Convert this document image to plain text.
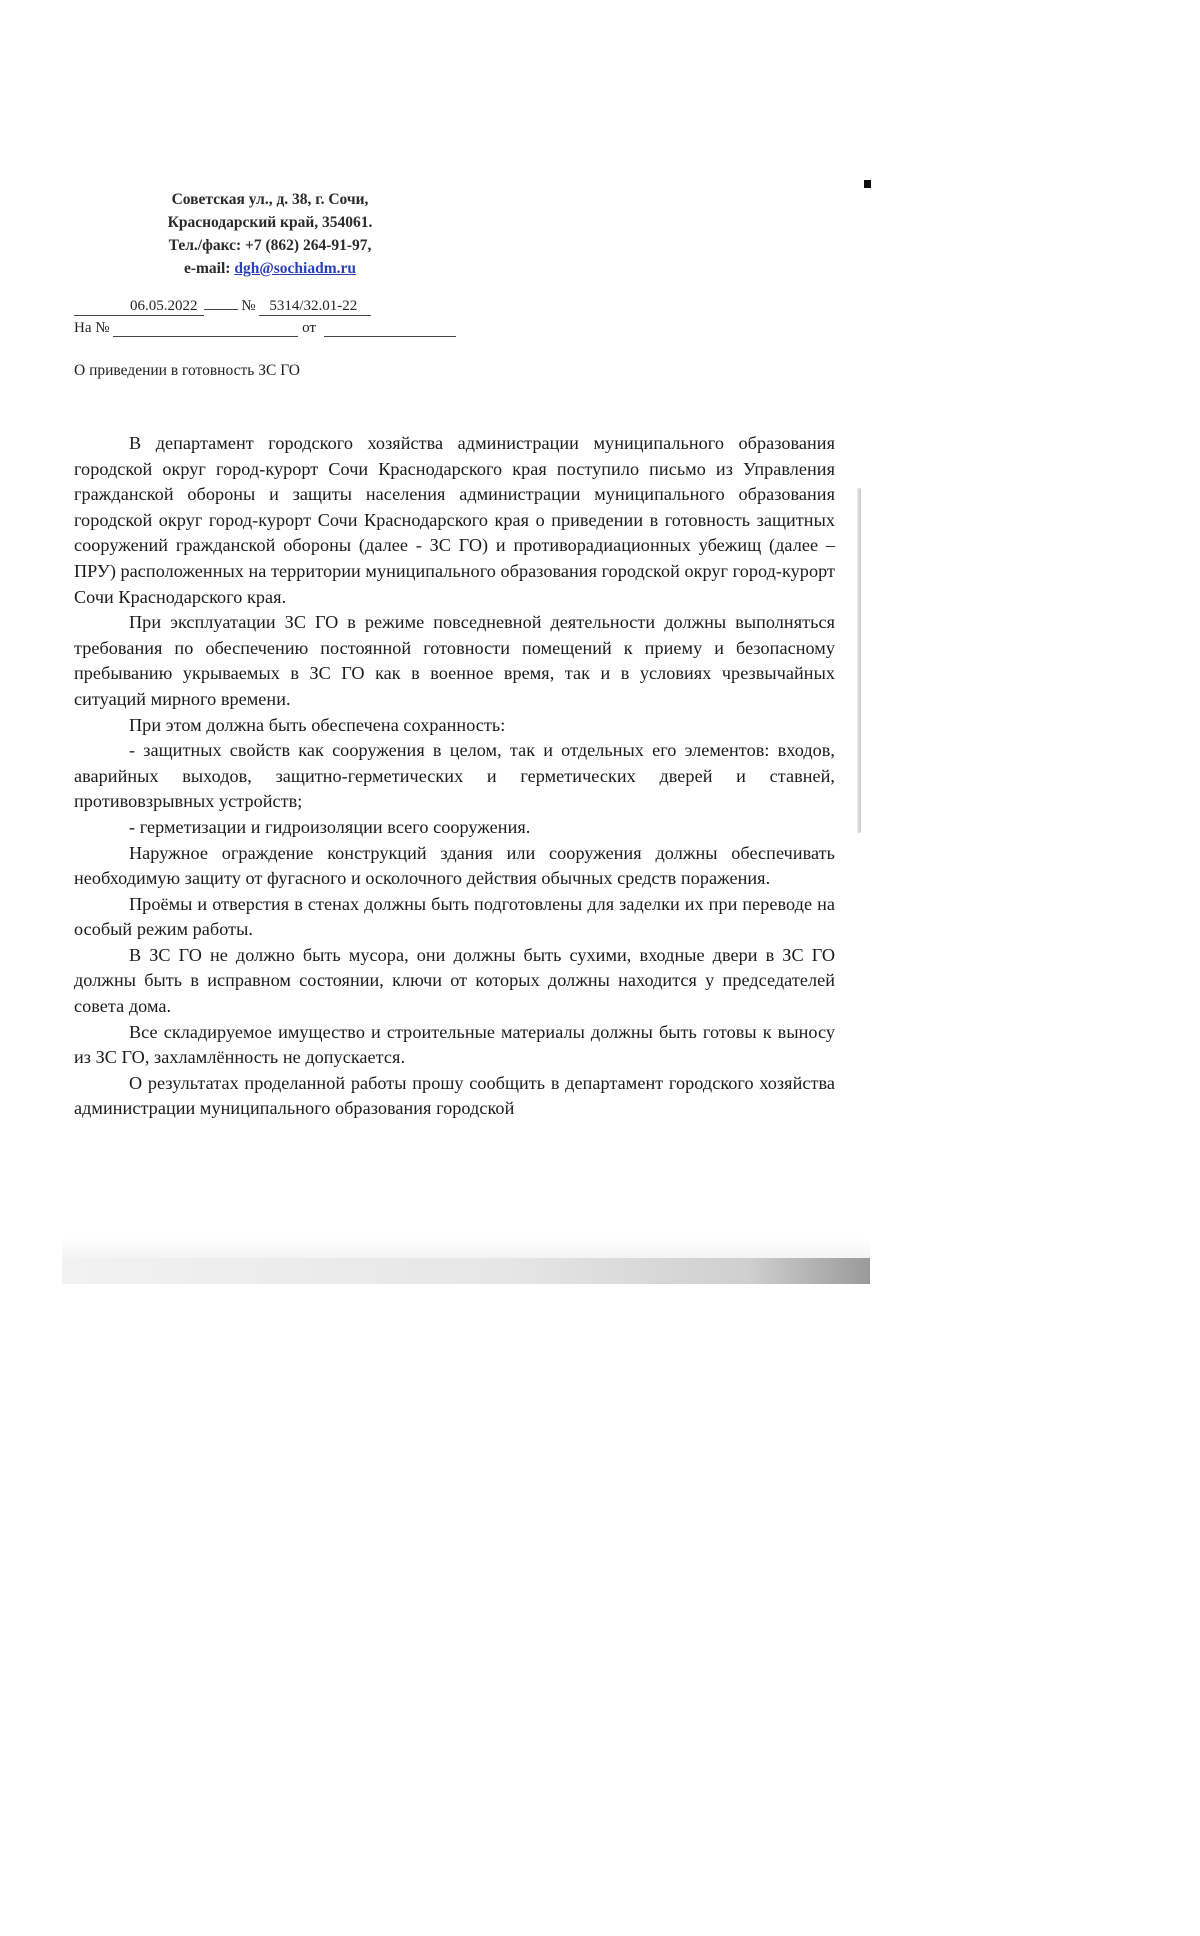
Советская ул., д. 38, г. Сочи,
Краснодарский край, 354061.
Тел./факс: +7 (862) 264-91-97,
e-mail: dgh@sochiadm.ru
06.05.2022	№ 5314/32.01-22
На №	от
О приведении в готовность ЗС ГО

В департамент городского хозяйства администрации муниципального образования городской округ город-курорт Сочи Краснодарского края поступило письмо из Управления гражданской обороны и защиты населения администрации муниципального образования городской округ город-курорт Сочи Краснодарского края о приведении в готовность защитных сооружений гражданской обороны (далее - ЗС ГО) и противорадиационных убежищ (далее – ПРУ) расположенных на территории муниципального образования городской округ город-курорт Сочи Краснодарского края.

При эксплуатации ЗС ГО в режиме повседневной деятельности должны выполняться требования по обеспечению постоянной готовности помещений к приему и безопасному пребыванию укрываемых в ЗС ГО как в военное время, так и в условиях чрезвычайных ситуаций мирного времени.

При этом должна быть обеспечена сохранность:

- защитных свойств как сооружения в целом, так и отдельных его элементов: входов, аварийных выходов, защитно-герметических и герметических дверей и ставней, противовзрывных устройств;

- герметизации и гидроизоляции всего сооружения.

Наружное ограждение конструкций здания или сооружения должны обеспечивать необходимую защиту от фугасного и осколочного действия обычных средств поражения.

Проёмы и отверстия в стенах должны быть подготовлены для заделки их при переводе на особый режим работы.

В ЗС ГО не должно быть мусора, они должны быть сухими, входные двери в ЗС ГО должны быть в исправном состоянии, ключи от которых должны находится у председателей совета дома.

Все складируемое имущество и строительные материалы должны быть готовы к выносу из ЗС ГО, захламлённость не допускается.

О результатах проделанной работы прошу сообщить в департамент городского хозяйства администрации муниципального образования городской
